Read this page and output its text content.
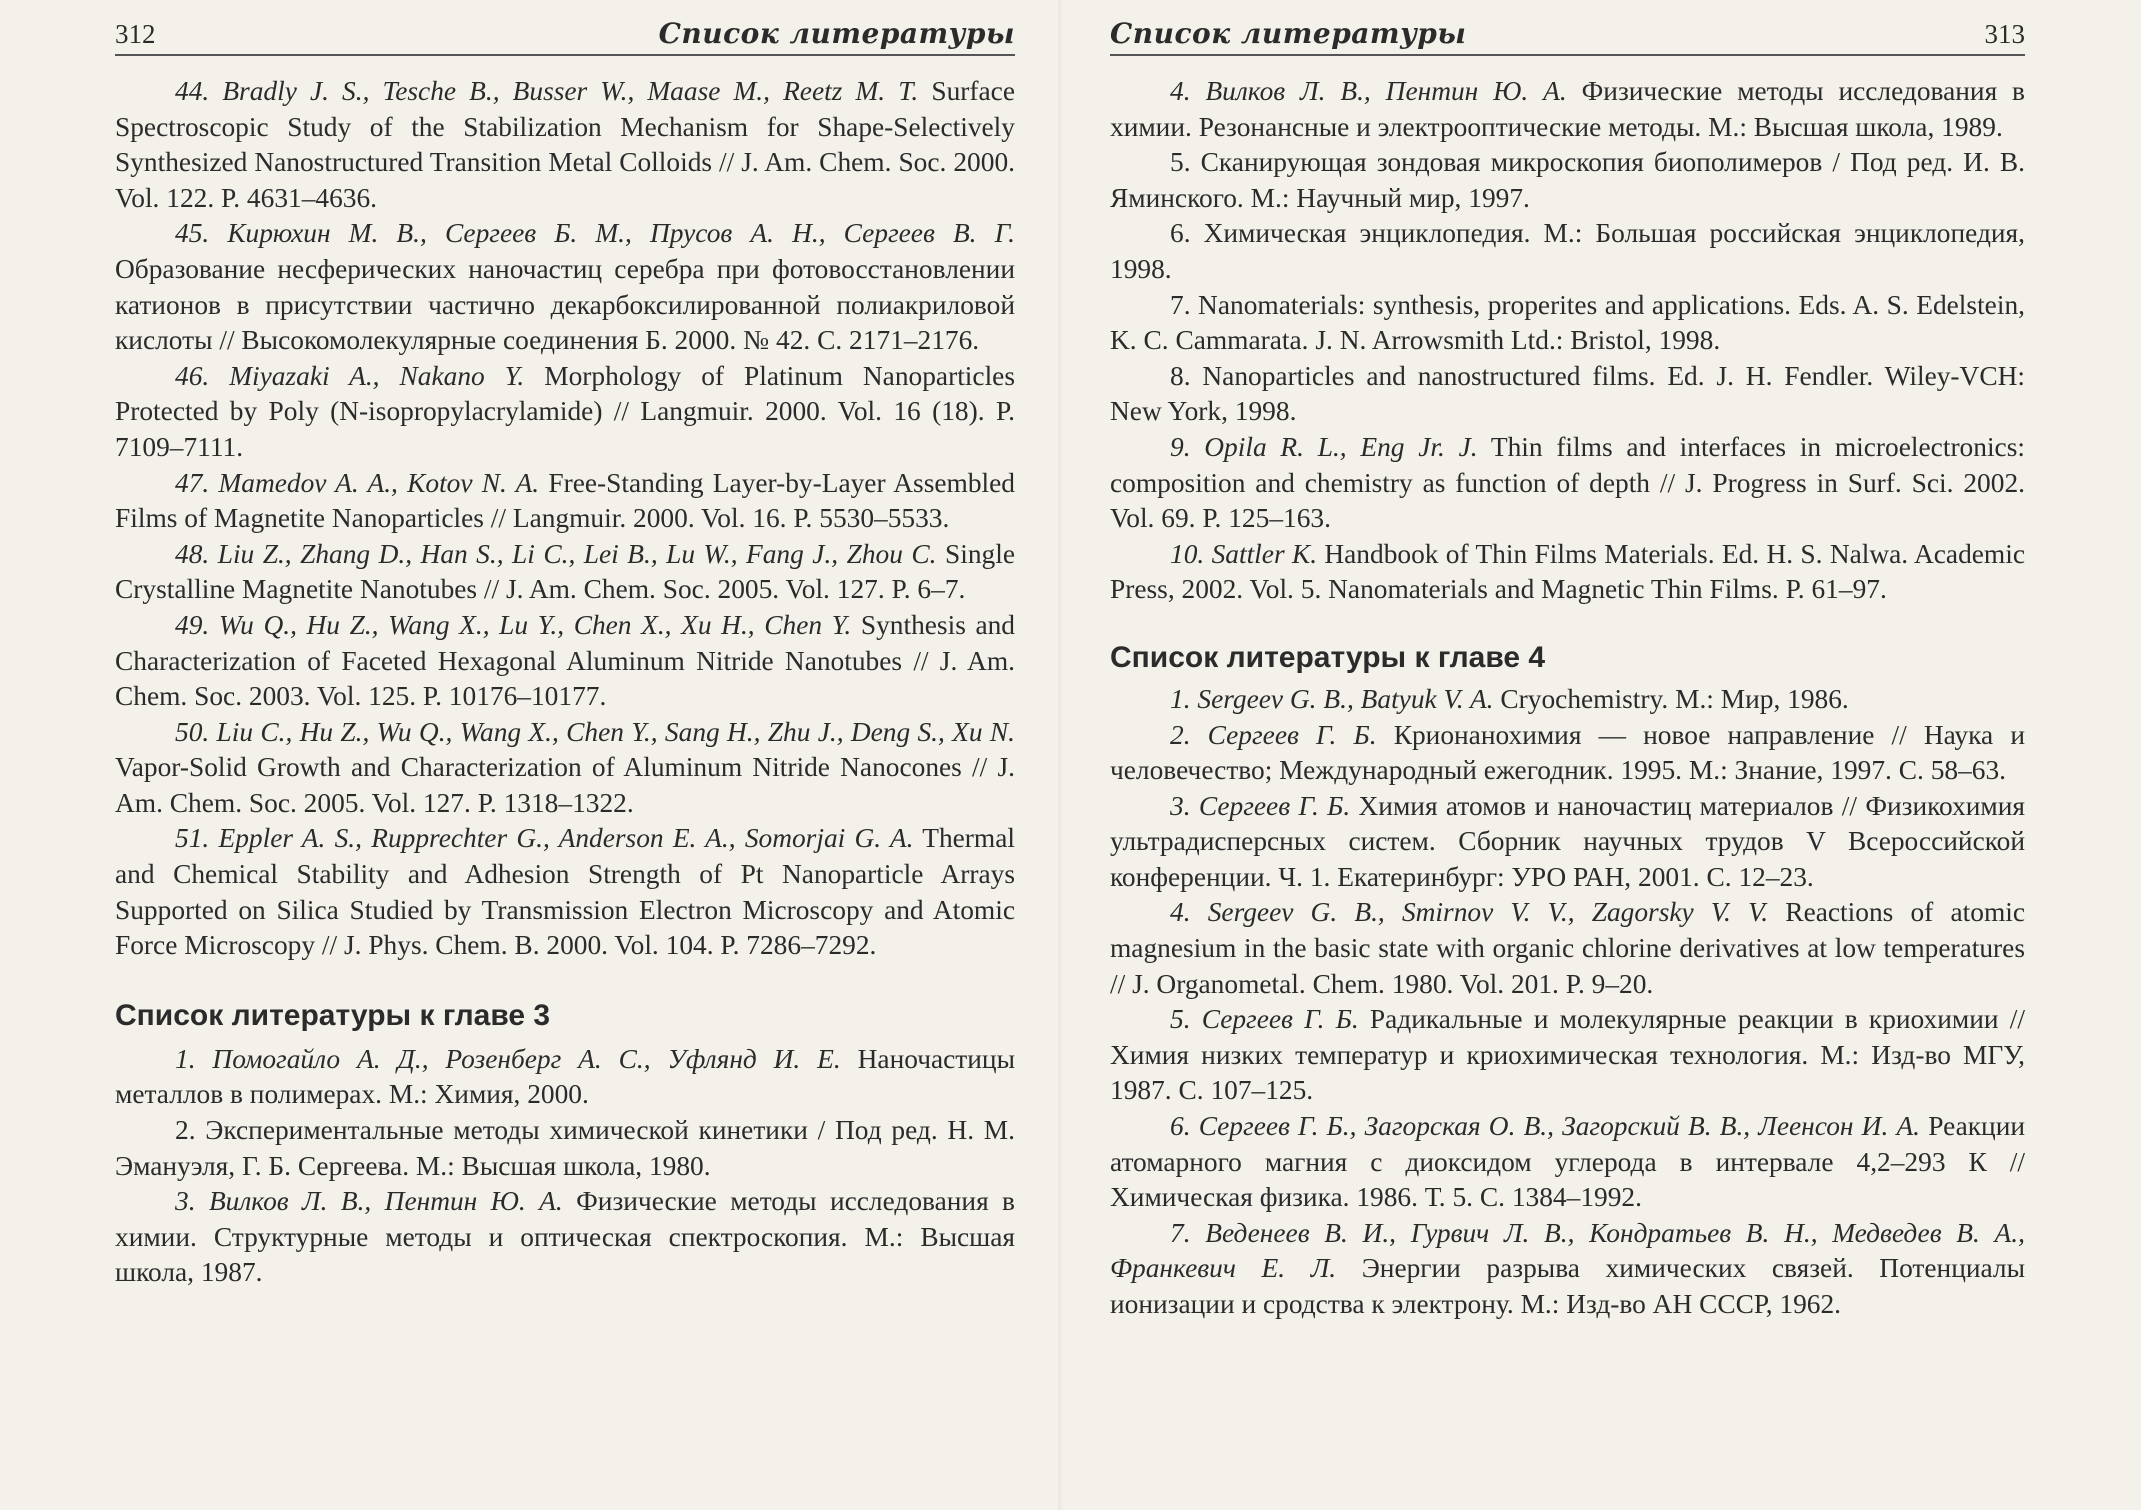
312	Список литературы

44. Bradly J. S., Tesche B., Busser W., Maase M., Reetz M. T. Surface Spectroscopic Study of the Stabilization Mechanism for Shape-Selectively Synthesized Nanostructured Transition Metal Colloids // J. Am. Chem. Soc. 2000. Vol. 122. P. 4631–4636.

45. Кирюхин М. В., Сергеев Б. М., Прусов А. Н., Сергеев В. Г. Образование несферических наночастиц серебра при фотовосстановлении катионов в присутствии частично декарбоксилированной полиакриловой кислоты // Высокомолекулярные соединения Б. 2000. № 42. С. 2171–2176.

46. Miyazaki A., Nakano Y. Morphology of Platinum Nanoparticles Protected by Poly (N-isopropylacrylamide) // Langmuir. 2000. Vol. 16 (18). P. 7109–7111.

47. Mamedov A. A., Kotov N. A. Free-Standing Layer-by-Layer Assembled Films of Magnetite Nanoparticles // Langmuir. 2000. Vol. 16. P. 5530–5533.

48. Liu Z., Zhang D., Han S., Li C., Lei B., Lu W., Fang J., Zhou C. Single Crystalline Magnetite Nanotubes // J. Am. Chem. Soc. 2005. Vol. 127. P. 6–7.

49. Wu Q., Hu Z., Wang X., Lu Y., Chen X., Xu H., Chen Y. Synthesis and Characterization of Faceted Hexagonal Aluminum Nitride Nanotubes // J. Am. Chem. Soc. 2003. Vol. 125. P. 10176–10177.

50. Liu C., Hu Z., Wu Q., Wang X., Chen Y., Sang H., Zhu J., Deng S., Xu N. Vapor-Solid Growth and Characterization of Aluminum Nitride Nanocones // J. Am. Chem. Soc. 2005. Vol. 127. P. 1318–1322.

51. Eppler A. S., Rupprechter G., Anderson E. A., Somorjai G. A. Thermal and Chemical Stability and Adhesion Strength of Pt Nanoparticle Arrays Supported on Silica Studied by Transmission Electron Microscopy and Atomic Force Microscopy // J. Phys. Chem. B. 2000. Vol. 104. P. 7286–7292.

Список литературы к главе 3

1. Помогайло А. Д., Розенберг А. С., Уфлянд И. Е. Наночастицы металлов в полимерах. М.: Химия, 2000.

2. Экспериментальные методы химической кинетики / Под ред. Н. М. Эмануэля, Г. Б. Сергеева. М.: Высшая школа, 1980.

3. Вилков Л. В., Пентин Ю. А. Физические методы исследования в химии. Структурные методы и оптическая спектроскопия. М.: Высшая школа, 1987.

Список литературы	313

4. Вилков Л. В., Пентин Ю. А. Физические методы исследования в химии. Резонансные и электрооптические методы. М.: Высшая школа, 1989.

5. Сканирующая зондовая микроскопия биополимеров / Под ред. И. В. Яминского. М.: Научный мир, 1997.

6. Химическая энциклопедия. М.: Большая российская энциклопедия, 1998.

7. Nanomaterials: synthesis, properites and applications. Eds. A. S. Edelstein, K. C. Cammarata. J. N. Arrowsmith Ltd.: Bristol, 1998.

8. Nanoparticles and nanostructured films. Ed. J. H. Fendler. Wiley-VCH: New York, 1998.

9. Opila R. L., Eng Jr. J. Thin films and interfaces in microelectronics: composition and chemistry as function of depth // J. Progress in Surf. Sci. 2002. Vol. 69. P. 125–163.

10. Sattler K. Handbook of Thin Films Materials. Ed. H. S. Nalwa. Academic Press, 2002. Vol. 5. Nanomaterials and Magnetic Thin Films. P. 61–97.

Список литературы к главе 4

1. Sergeev G. B., Batyuk V. A. Cryochemistry. M.: Мир, 1986.

2. Сергеев Г. Б. Крионанохимия — новое направление // Наука и человечество; Международный ежегодник. 1995. М.: Знание, 1997. С. 58–63.

3. Сергеев Г. Б. Химия атомов и наночастиц материалов // Физикохимия ультрадисперсных систем. Сборник научных трудов V Всероссийской конференции. Ч. 1. Екатеринбург: УРО РАН, 2001. С. 12–23.

4. Sergeev G. B., Smirnov V. V., Zagorsky V. V. Reactions of atomic magnesium in the basic state with organic chlorine derivatives at low temperatures // J. Organometal. Chem. 1980. Vol. 201. P. 9–20.

5. Сергеев Г. Б. Радикальные и молекулярные реакции в криохимии // Химия низких температур и криохимическая технология. М.: Изд-во МГУ, 1987. С. 107–125.

6. Сергеев Г. Б., Загорская О. В., Загорский В. В., Леенсон И. А. Реакции атомарного магния с диоксидом углерода в интервале 4,2–293 К // Химическая физика. 1986. Т. 5. С. 1384–1992.

7. Веденеев В. И., Гурвич Л. В., Кондратьев В. Н., Медведев В. А., Франкевич Е. Л. Энергии разрыва химических связей. Потенциалы ионизации и сродства к электрону. М.: Изд-во АН СССР, 1962.
